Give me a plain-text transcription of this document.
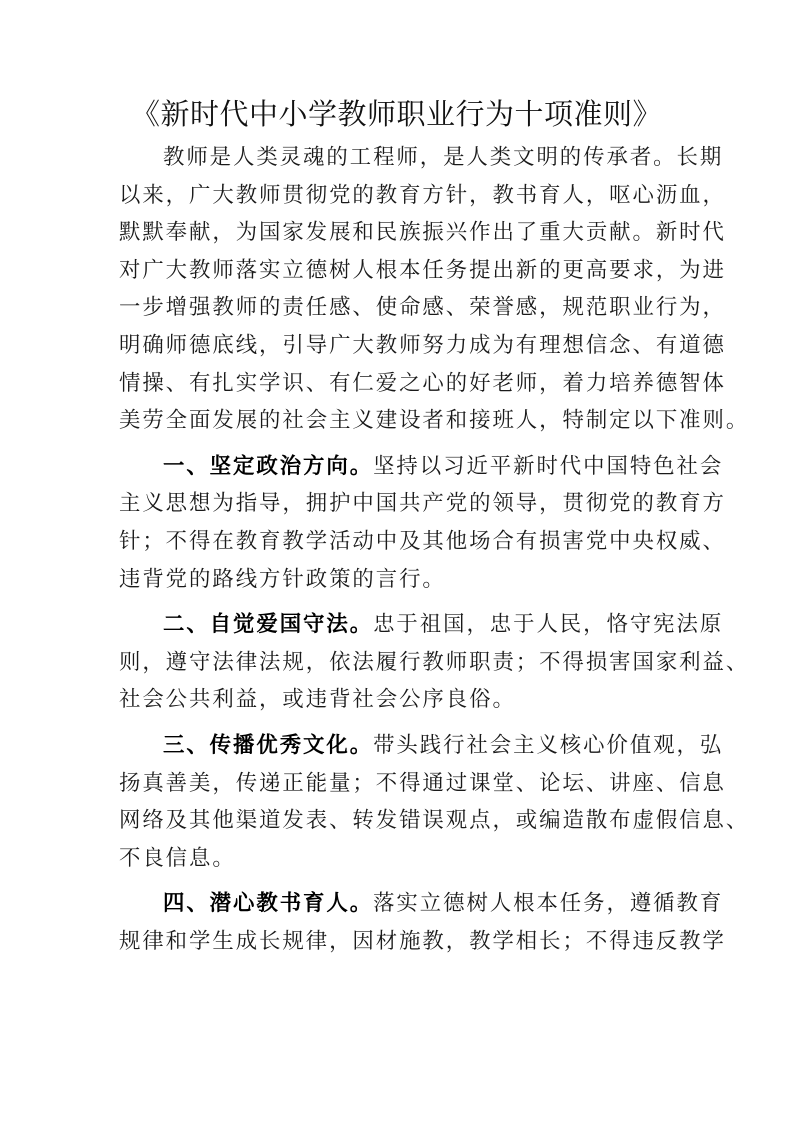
《新时代中小学教师职业行为十项准则》
教师是人类灵魂的工程师，是人类文明的传承者。长期
以来，广大教师贯彻党的教育方针，教书育人，呕心沥血，
默默奉献，为国家发展和民族振兴作出了重大贡献。新时代
对广大教师落实立德树人根本任务提出新的更高要求，为进
一步增强教师的责任感、使命感、荣誉感，规范职业行为，
明确师德底线，引导广大教师努力成为有理想信念、有道德
情操、有扎实学识、有仁爱之心的好老师，着力培养德智体
美劳全面发展的社会主义建设者和接班人，特制定以下准则。
一、坚定政治方向。坚持以习近平新时代中国特色社会
主义思想为指导，拥护中国共产党的领导，贯彻党的教育方
针；不得在教育教学活动中及其他场合有损害党中央权威、
违背党的路线方针政策的言行。
二、自觉爱国守法。忠于祖国，忠于人民，恪守宪法原
则，遵守法律法规，依法履行教师职责；不得损害国家利益、
社会公共利益，或违背社会公序良俗。
三、传播优秀文化。带头践行社会主义核心价值观，弘
扬真善美，传递正能量；不得通过课堂、论坛、讲座、信息
网络及其他渠道发表、转发错误观点，或编造散布虚假信息、
不良信息。
四、潜心教书育人。落实立德树人根本任务，遵循教育
规律和学生成长规律，因材施教，教学相长；不得违反教学
